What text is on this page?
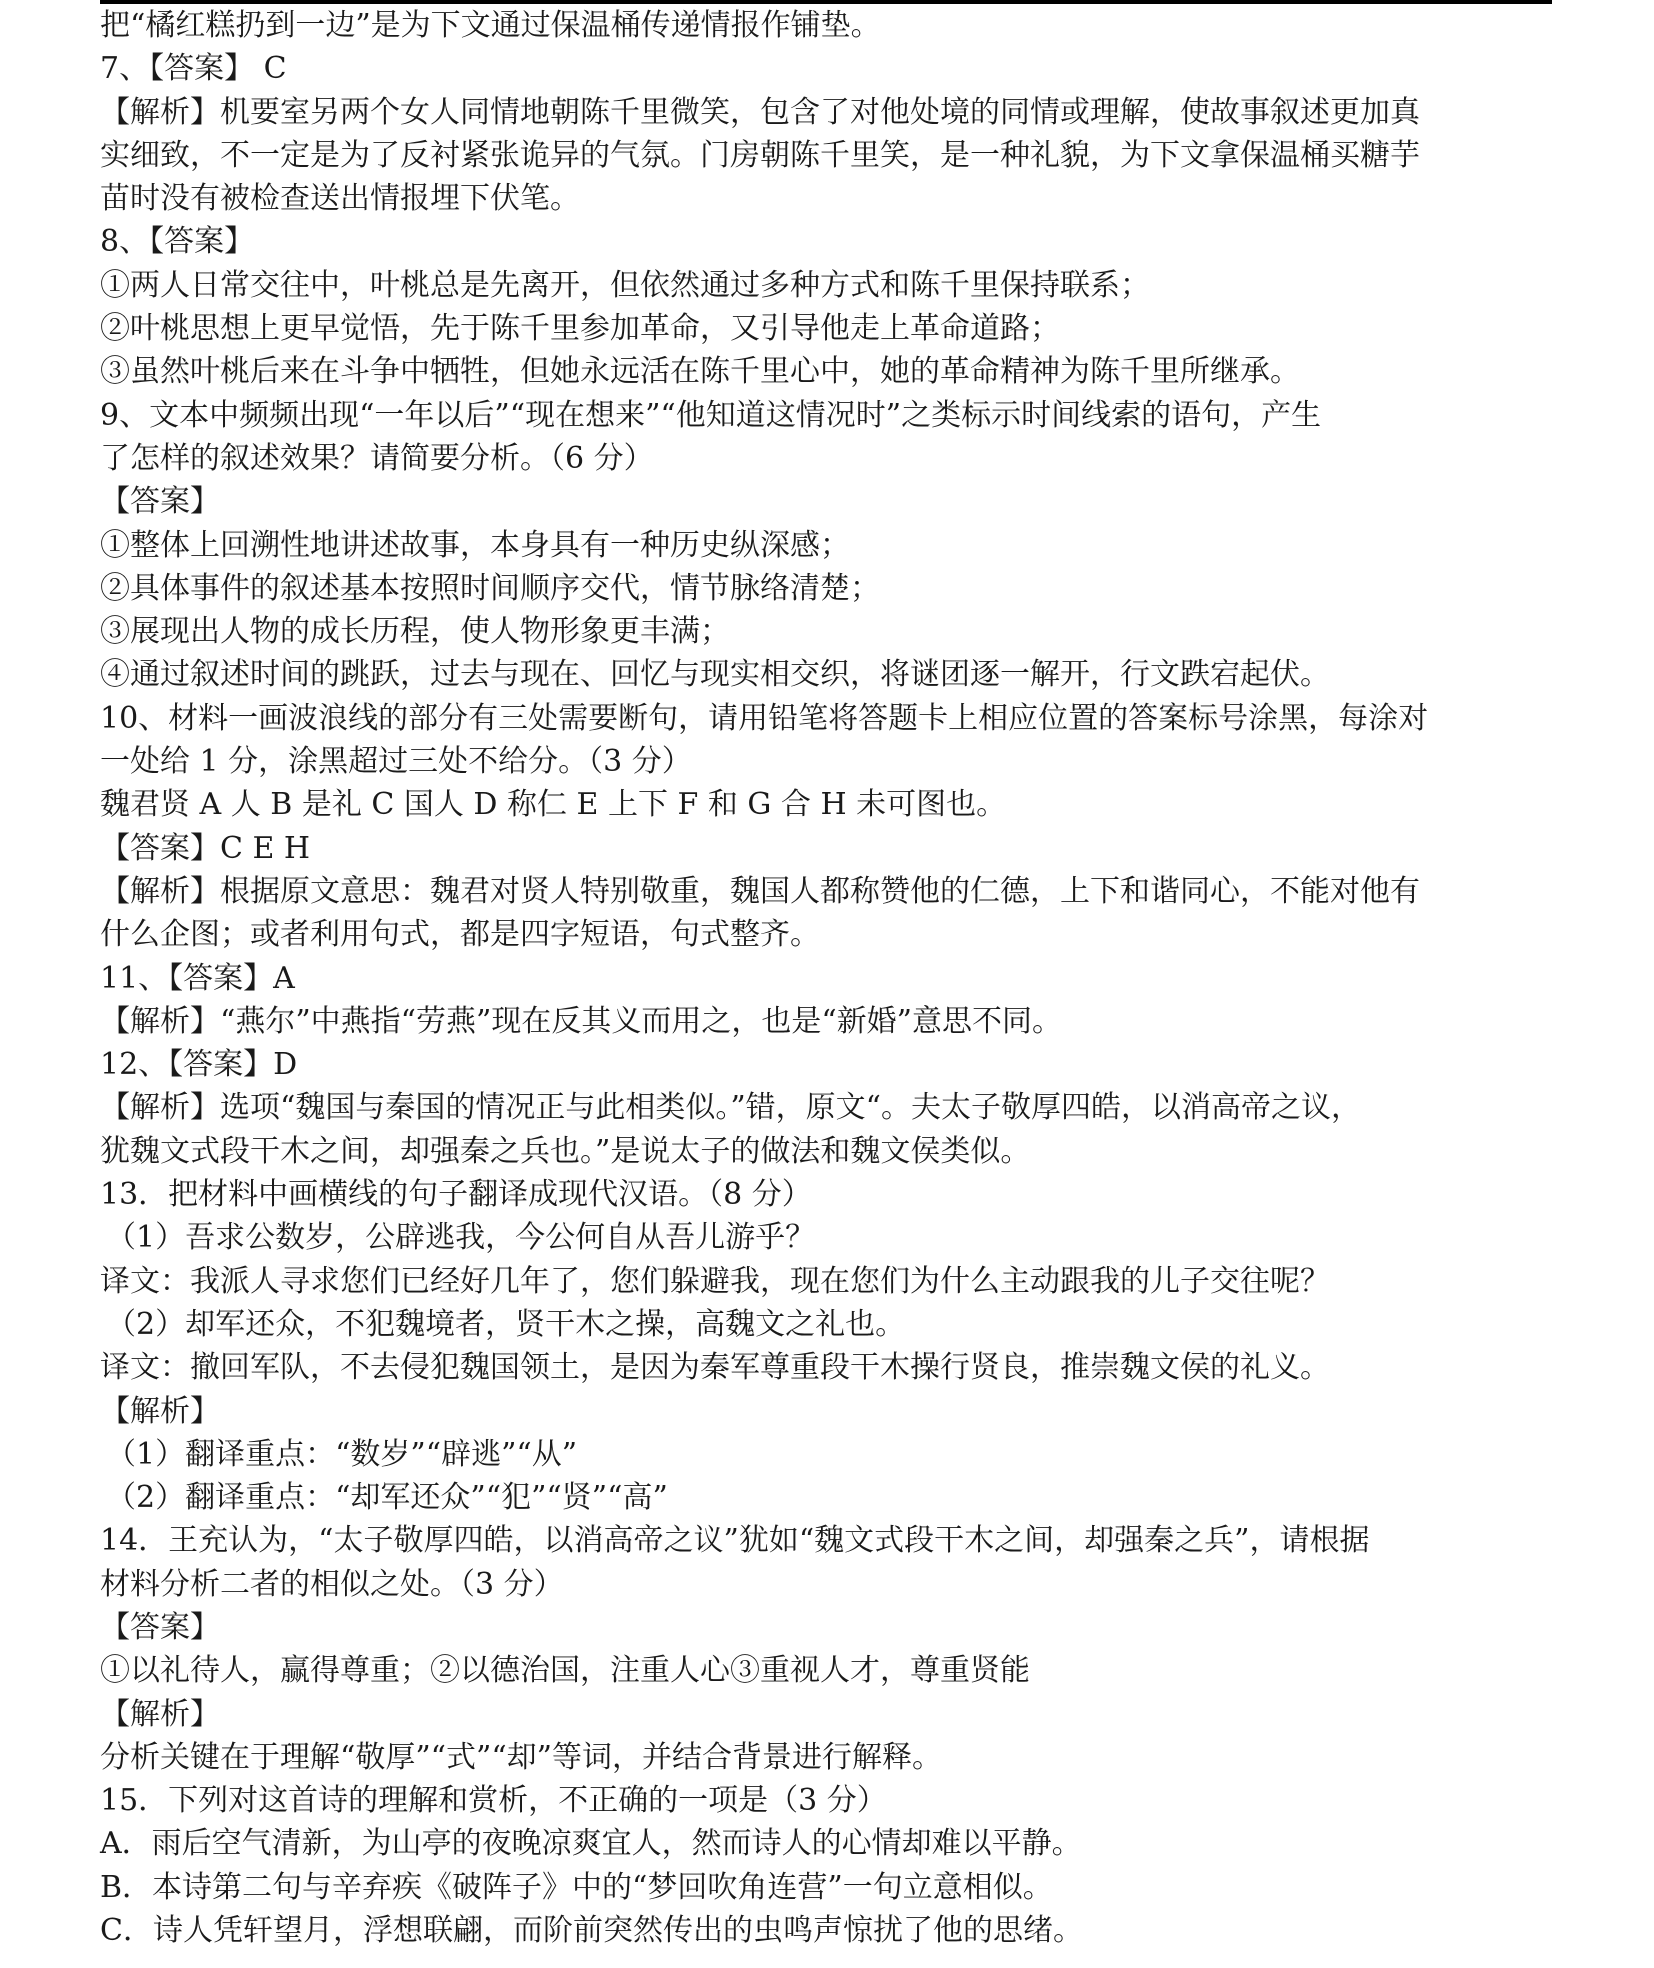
把“橘红糕扔到一边”是为下文通过保温桶传递情报作铺垫。

7、【答案】 C

【解析】机要室另两个女人同情地朝陈千里微笑，包含了对他处境的同情或理解，使故事叙述更加真

实细致，不一定是为了反衬紧张诡异的气氛。门房朝陈千里笑，是一种礼貌，为下文拿保温桶买糖芋

苗时没有被检查送出情报埋下伏笔。

8、【答案】

①两人日常交往中，叶桃总是先离开，但依然通过多种方式和陈千里保持联系；

②叶桃思想上更早觉悟，先于陈千里参加革命，又引导他走上革命道路；

③虽然叶桃后来在斗争中牺牲，但她永远活在陈千里心中，她的革命精神为陈千里所继承。

9、文本中频频出现“一年以后”“现在想来”“他知道这情况时”之类标示时间线索的语句，产生

了怎样的叙述效果？请简要分析。（6 分）

【答案】

①整体上回溯性地讲述故事，本身具有一种历史纵深感；

②具体事件的叙述基本按照时间顺序交代，情节脉络清楚；

③展现出人物的成长历程，使人物形象更丰满；

④通过叙述时间的跳跃，过去与现在、回忆与现实相交织，将谜团逐一解开，行文跌宕起伏。

10、材料一画波浪线的部分有三处需要断句，请用铅笔将答题卡上相应位置的答案标号涂黑，每涂对

一处给 1 分，涂黑超过三处不给分。（3 分）

魏君贤 A 人 B 是礼 C 国人 D 称仁 E 上下 F 和 G 合 H 未可图也。

【答案】C E H

【解析】根据原文意思：魏君对贤人特别敬重，魏国人都称赞他的仁德，上下和谐同心，不能对他有

什么企图；或者利用句式，都是四字短语，句式整齐。

11、【答案】A

【解析】“燕尔”中燕指“劳燕”现在反其义而用之，也是“新婚”意思不同。

12、【答案】D

【解析】选项“魏国与秦国的情况正与此相类似。”错，原文“。夫太子敬厚四皓，以消高帝之议，

犹魏文式段干木之间，却强秦之兵也。”是说太子的做法和魏文侯类似。

13．把材料中画横线的句子翻译成现代汉语。（8 分）

（1）吾求公数岁，公辟逃我，今公何自从吾儿游乎？

译文：我派人寻求您们已经好几年了，您们躲避我，现在您们为什么主动跟我的儿子交往呢？

（2）却军还众，不犯魏境者，贤干木之操，高魏文之礼也。

译文：撤回军队，不去侵犯魏国领土，是因为秦军尊重段干木操行贤良，推崇魏文侯的礼义。

【解析】

（1）翻译重点：“数岁”“辟逃”“从”

（2）翻译重点：“却军还众”“犯”“贤”“高”

14．王充认为，“太子敬厚四皓，以消高帝之议”犹如“魏文式段干木之间，却强秦之兵”，请根据

材料分析二者的相似之处。（3 分）

【答案】

①以礼待人，赢得尊重；②以德治国，注重人心③重视人才，尊重贤能

【解析】

分析关键在于理解“敬厚”“式”“却”等词，并结合背景进行解释。

15．下列对这首诗的理解和赏析，不正确的一项是（3 分）

A．雨后空气清新，为山亭的夜晚凉爽宜人，然而诗人的心情却难以平静。

B．本诗第二句与辛弃疾《破阵子》中的“梦回吹角连营”一句立意相似。

C．诗人凭轩望月，浮想联翩，而阶前突然传出的虫鸣声惊扰了他的思绪。
